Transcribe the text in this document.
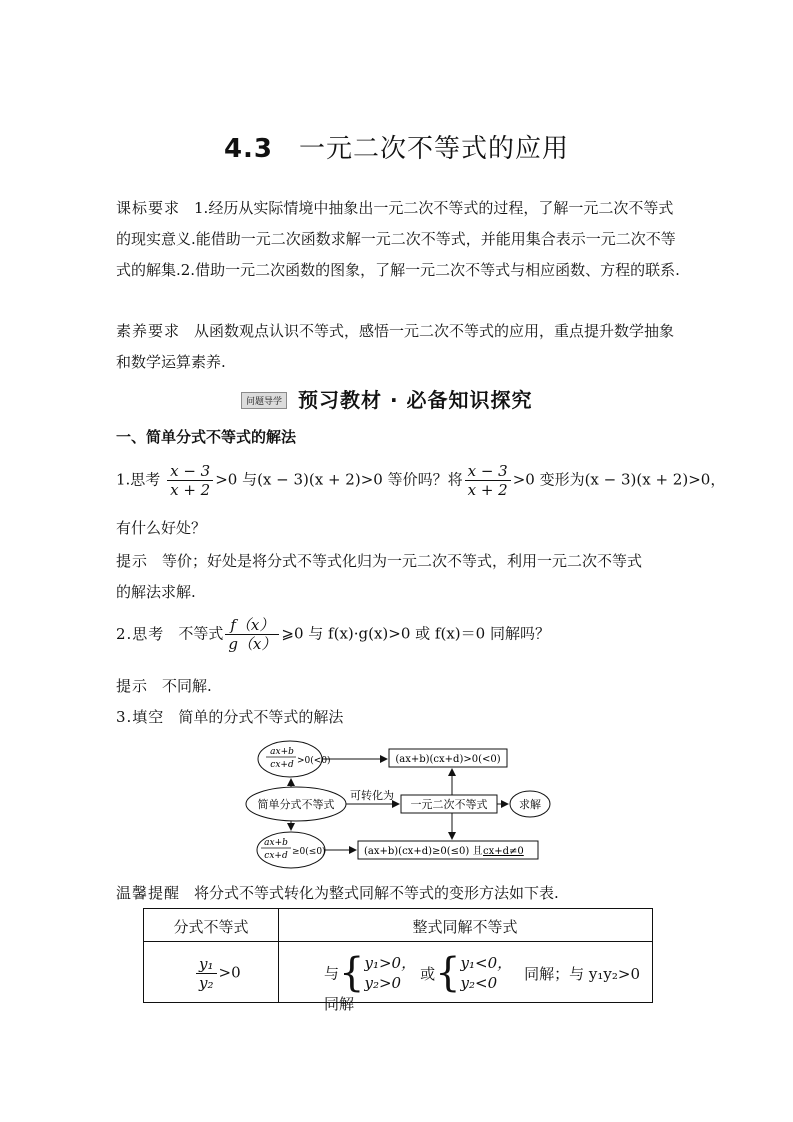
4.3 一元二次不等式的应用
课标要求 1.经历从实际情境中抽象出一元二次不等式的过程，了解一元二次不等式的现实意义.能借助一元二次函数求解一元二次不等式，并能用集合表示一元二次不等式的解集.2.借助一元二次函数的图象，了解一元二次不等式与相应函数、方程的联系.
素养要求 从函数观点认识不等式，感悟一元二次不等式的应用，重点提升数学抽象和数学运算素养.
问题导学 预习教材 · 必备知识探究
一、简单分式不等式的解法
1.思考 $\frac{x - 3}{x + 2} >0$ 与(x − 3)(x + 2)>0 等价吗？将 $\frac{x - 3}{x + 2} >0$ 变形为(x − 3)(x + 2)>0，
有什么好处？
提示 等价；好处是将分式不等式化归为一元二次不等式，利用一元二次不等式
的解法求解.
2.思考 不等式 $\frac{f(x)}{g(x)}$ ⩾0 与 f(x)·g(x)>0 或 f(x)＝0 同解吗？
提示 不同解.
3.填空 简单的分式不等式的解法
ax+b
cx+d >0(<0)
简单分式不等式
ax+b
cx+d ≥0(≤0)
可转化为
(ax+b)(cx+d)>0(<0)
一元二次不等式	求解
(ax+b)(cx+d)≥0(≤0) 且 cx+d≠0
温馨提醒 将分式不等式转化为整式同解不等式的变形方法如下表.
分式不等式	整式同解不等式
$\frac{\text{y₁}}{\text{y₂}} >0$	与{ y₁>0，
y₂>0
或{ y₁<0，
y₂<0
同解；与 y₁y₂>0 同解
